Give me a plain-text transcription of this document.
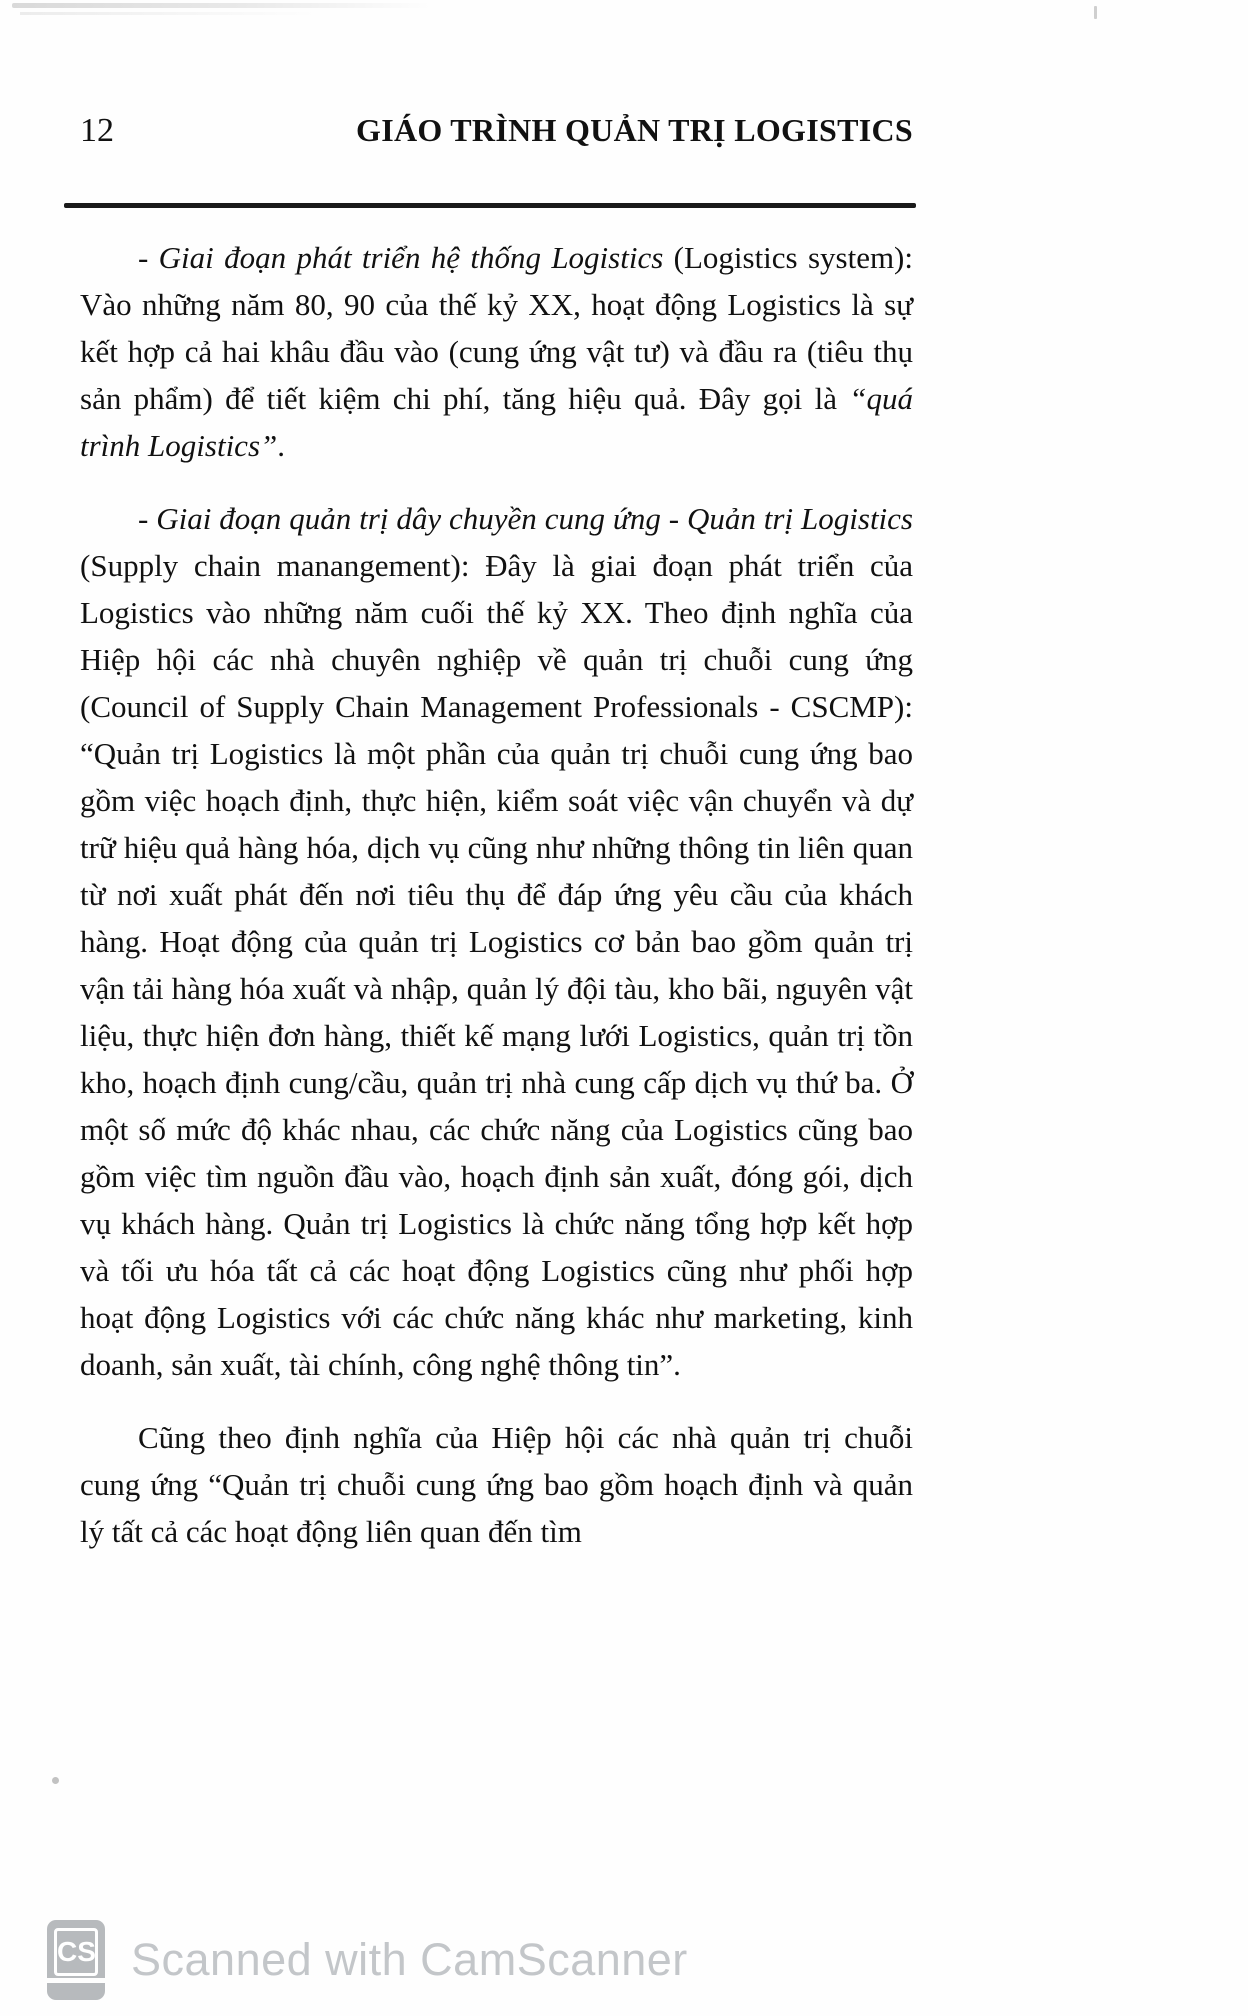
12	GIÁO TRÌNH QUẢN TRỊ LOGISTICS

- Giai đoạn phát triển hệ thống Logistics (Logistics system): Vào những năm 80, 90 của thế kỷ XX, hoạt động Logistics là sự kết hợp cả hai khâu đầu vào (cung ứng vật tư) và đầu ra (tiêu thụ sản phẩm) để tiết kiệm chi phí, tăng hiệu quả. Đây gọi là “quá trình Logistics”.

- Giai đoạn quản trị dây chuyền cung ứng - Quản trị Logistics (Supply chain manangement): Đây là giai đoạn phát triển của Logistics vào những năm cuối thế kỷ XX. Theo định nghĩa của Hiệp hội các nhà chuyên nghiệp về quản trị chuỗi cung ứng (Council of Supply Chain Management Professionals - CSCMP): “Quản trị Logistics là một phần của quản trị chuỗi cung ứng bao gồm việc hoạch định, thực hiện, kiểm soát việc vận chuyển và dự trữ hiệu quả hàng hóa, dịch vụ cũng như những thông tin liên quan từ nơi xuất phát đến nơi tiêu thụ để đáp ứng yêu cầu của khách hàng. Hoạt động của quản trị Logistics cơ bản bao gồm quản trị vận tải hàng hóa xuất và nhập, quản lý đội tàu, kho bãi, nguyên vật liệu, thực hiện đơn hàng, thiết kế mạng lưới Logistics, quản trị tồn kho, hoạch định cung/cầu, quản trị nhà cung cấp dịch vụ thứ ba. Ở một số mức độ khác nhau, các chức năng của Logistics cũng bao gồm việc tìm nguồn đầu vào, hoạch định sản xuất, đóng gói, dịch vụ khách hàng. Quản trị Logistics là chức năng tổng hợp kết hợp và tối ưu hóa tất cả các hoạt động Logistics cũng như phối hợp hoạt động Logistics với các chức năng khác như marketing, kinh doanh, sản xuất, tài chính, công nghệ thông tin”.

Cũng theo định nghĩa của Hiệp hội các nhà quản trị chuỗi cung ứng “Quản trị chuỗi cung ứng bao gồm hoạch định và quản lý tất cả các hoạt động liên quan đến tìm

CS Scanned with CamScanner
